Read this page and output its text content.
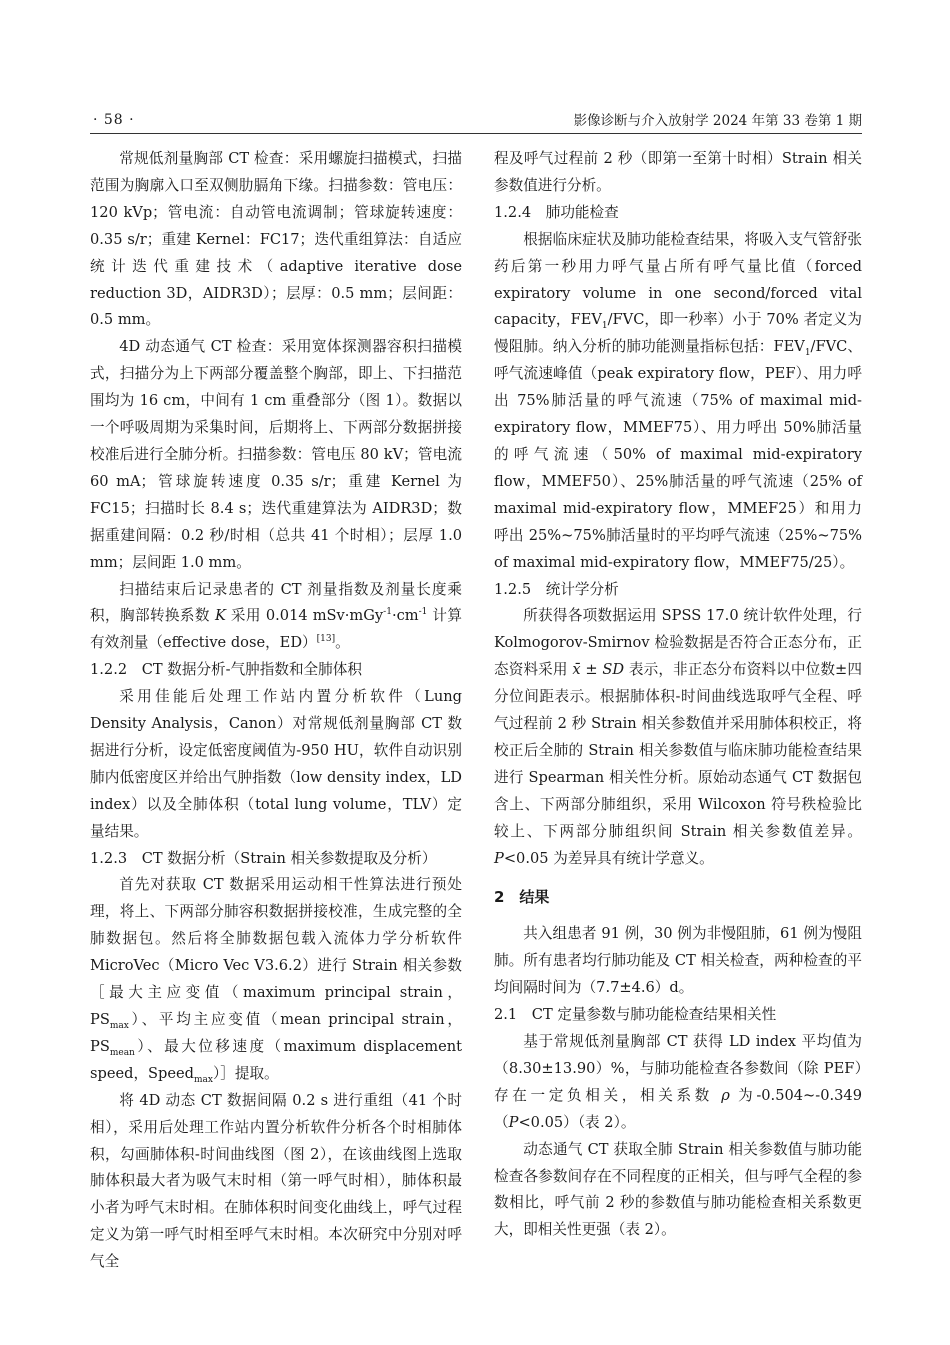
· 58 ·	影像诊断与介入放射学 2024 年第 33 卷第 1 期

常规低剂量胸部 CT 检查：采用螺旋扫描模式，扫描范围为胸廓入口至双侧肋膈角下缘。扫描参数：管电压：120 kVp；管电流：自动管电流调制；管球旋转速度：0.35 s/r；重建 Kernel：FC17；迭代重组算法：自适应统计迭代重建技术（adaptive iterative dose reduction 3D，AIDR3D）；层厚：0.5 mm；层间距：0.5 mm。

4D 动态通气 CT 检查：采用宽体探测器容积扫描模式，扫描分为上下两部分覆盖整个胸部，即上、下扫描范围均为 16 cm，中间有 1 cm 重叠部分（图 1）。数据以一个呼吸周期为采集时间，后期将上、下两部分数据拼接校准后进行全肺分析。扫描参数：管电压 80 kV；管电流 60 mA；管球旋转速度 0.35 s/r；重建 Kernel 为 FC15；扫描时长 8.4 s；迭代重建算法为 AIDR3D；数据重建间隔：0.2 秒/时相（总共 41 个时相）；层厚 1.0 mm；层间距 1.0 mm。

扫描结束后记录患者的 CT 剂量指数及剂量长度乘积，胸部转换系数 K 采用 0.014 $mSv\cdot mGy^{-1}\cdot cm^{-1}$ 计算有效剂量（effective dose，ED）[13]。

1.2.2　CT 数据分析-气肿指数和全肺体积

采用佳能后处理工作站内置分析软件（Lung Density Analysis，Canon）对常规低剂量胸部 CT 数据进行分析，设定低密度阈值为-950 HU，软件自动识别肺内低密度区并给出气肿指数（low density index，LD index）以及全肺体积（total lung volume，TLV）定量结果。

1.2.3　CT 数据分析（Strain 相关参数提取及分析）

首先对获取 CT 数据采用运动相干性算法进行预处理，将上、下两部分肺容积数据拼接校准，生成完整的全肺数据包。然后将全肺数据包载入流体力学分析软件 MicroVec（Micro Vec V3.6.2）进行 Strain 相关参数［最大主应变值（maximum principal strain，$PS_{max}$）、平均主应变值（mean principal strain，$PS_{mean}$）、最大位移速度（maximum displacement speed，Speed$_{max}$）］提取。

将 4D 动态 CT 数据间隔 0.2 s 进行重组（41 个时相），采用后处理工作站内置分析软件分析各个时相肺体积，勾画肺体积-时间曲线图（图 2），在该曲线图上选取肺体积最大者为吸气末时相（第一呼气时相），肺体积最小者为呼气末时相。在肺体积时间变化曲线上，呼气过程定义为第一呼气时相至呼气末时相。本次研究中分别对呼气全

程及呼气过程前 2 秒（即第一至第十时相）Strain 相关参数值进行分析。

1.2.4　肺功能检查

根据临床症状及肺功能检查结果，将吸入支气管舒张药后第一秒用力呼气量占所有呼气量比值（forced expiratory volume in one second/forced vital capacity，$FEV_1$/FVC，即一秒率）小于 70% 者定义为慢阻肺。纳入分析的肺功能测量指标包括：$FEV_1$/FVC、呼气流速峰值（peak expiratory flow，PEF）、用力呼出 75%肺活量的呼气流速（75% of maximal mid-expiratory flow，MMEF75）、用力呼出 50%肺活量的呼气流速（50% of maximal mid-expiratory flow，MMEF50）、25%肺活量的呼气流速（25% of maximal mid-expiratory flow，MMEF25）和用力呼出 25%~75%肺活量时的平均呼气流速（25%~75% of maximal mid-expiratory flow，MMEF75/25）。

1.2.5　统计学分析

所获得各项数据运用 SPSS 17.0 统计软件处理，行 Kolmogorov-Smirnov 检验数据是否符合正态分布，正态资料采用 x̄ ± SD 表示，非正态分布资料以中位数±四分位间距表示。根据肺体积-时间曲线选取呼气全程、呼气过程前 2 秒 Strain 相关参数值并采用肺体积校正，将校正后全肺的 Strain 相关参数值与临床肺功能检查结果进行 Spearman 相关性分析。原始动态通气 CT 数据包含上、下两部分肺组织，采用 Wilcoxon 符号秩检验比较上、下两部分肺组织间 Strain 相关参数值差异。P<0.05 为差异具有统计学意义。

2　结果

共入组患者 91 例，30 例为非慢阻肺，61 例为慢阻肺。所有患者均行肺功能及 CT 相关检查，两种检查的平均间隔时间为（7.7±4.6）d。

2.1　CT 定量参数与肺功能检查结果相关性

基于常规低剂量胸部 CT 获得 LD index 平均值为（8.30±13.90）%，与肺功能检查各参数间（除 PEF）存在一定负相关，相关系数 ρ 为-0.504~-0.349（P<0.05）（表 2）。

动态通气 CT 获取全肺 Strain 相关参数值与肺功能检查各参数间存在不同程度的正相关，但与呼气全程的参数相比，呼气前 2 秒的参数值与肺功能检查相关系数更大，即相关性更强（表 2）。
